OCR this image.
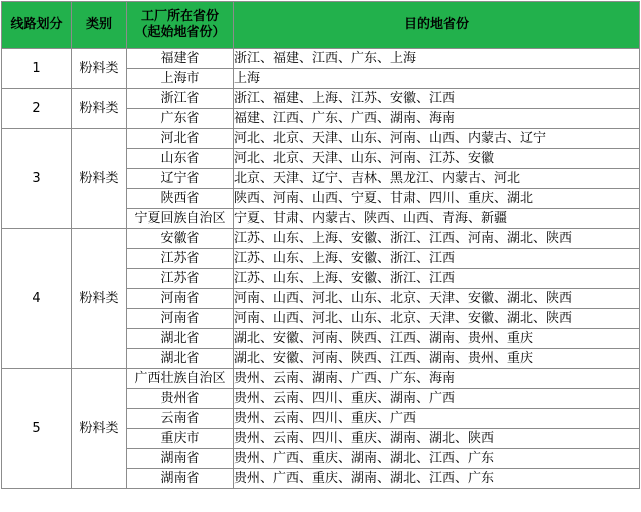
线路划分	类别	工厂所在省份
（起始地省份）	目的地省份
1	粉料类	福建省	浙江、福建、江西、广东、上海
		上海市	上海
2	粉料类	浙江省	浙江、福建、上海、江苏、安徽、江西
		广东省	福建、江西、广东、广西、湖南、海南
3	粉料类	河北省	河北、北京、天津、山东、河南、山西、内蒙古、辽宁
		山东省	河北、北京、天津、山东、河南、江苏、安徽
		辽宁省	北京、天津、辽宁、吉林、黑龙江、内蒙古、河北
		陕西省	陕西、河南、山西、宁夏、甘肃、四川、重庆、湖北
		宁夏回族自治区	宁夏、甘肃、内蒙古、陕西、山西、青海、新疆
4	粉料类	安徽省	江苏、山东、上海、安徽、浙江、江西、河南、湖北、陕西
		江苏省	江苏、山东、上海、安徽、浙江、江西
		江苏省	江苏、山东、上海、安徽、浙江、江西
		河南省	河南、山西、河北、山东、北京、天津、安徽、湖北、陕西
		河南省	河南、山西、河北、山东、北京、天津、安徽、湖北、陕西
		湖北省	湖北、安徽、河南、陕西、江西、湖南、贵州、重庆
		湖北省	湖北、安徽、河南、陕西、江西、湖南、贵州、重庆
5	粉料类	广西壮族自治区	贵州、云南、湖南、广西、广东、海南
		贵州省	贵州、云南、四川、重庆、湖南、广西
		云南省	贵州、云南、四川、重庆、广西
		重庆市	贵州、云南、四川、重庆、湖南、湖北、陕西
		湖南省	贵州、广西、重庆、湖南、湖北、江西、广东
		湖南省	贵州、广西、重庆、湖南、湖北、江西、广东
